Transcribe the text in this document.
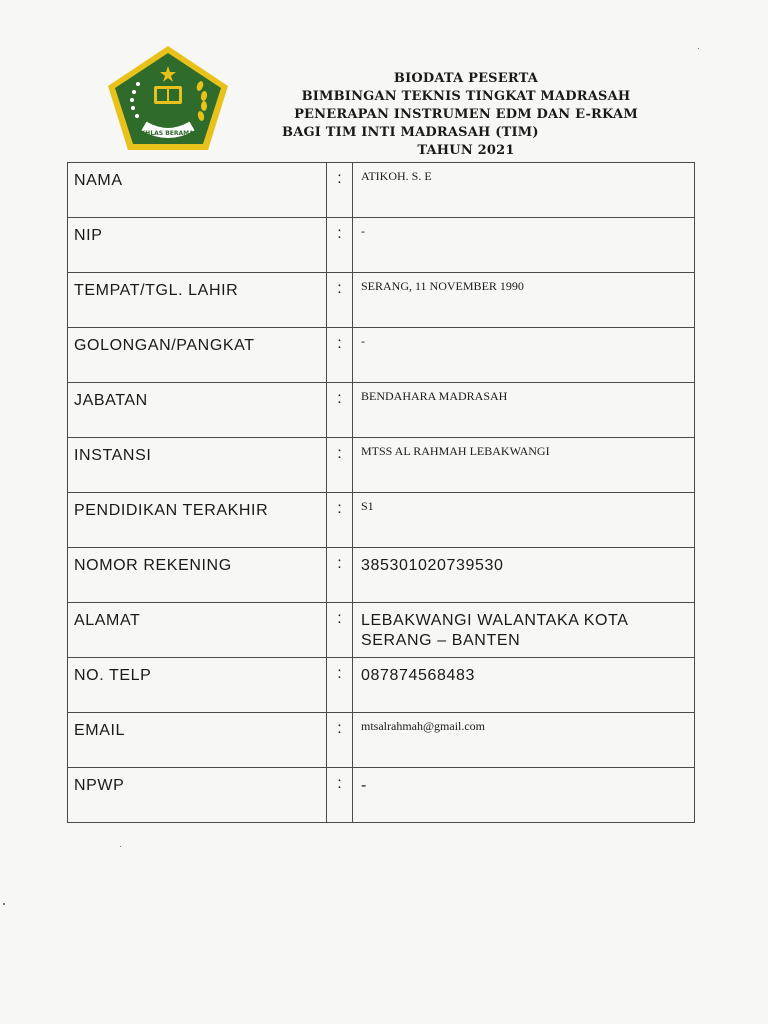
IKHLAS BERAMAL
BIODATA PESERTA
BIMBINGAN TEKNIS TINGKAT MADRASAH
PENERAPAN INSTRUMEN EDM DAN E-RKAM
BAGI TIM INTI MADRASAH (TIM)
TAHUN 2021
NAMA	:	ATIKOH. S. E
NIP	:	-
TEMPAT/TGL. LAHIR	:	SERANG, 11 NOVEMBER 1990
GOLONGAN/PANGKAT	:	-
JABATAN	:	BENDAHARA MADRASAH
INSTANSI	:	MTSS AL RAHMAH LEBAKWANGI
PENDIDIKAN TERAKHIR	:	S1
NOMOR REKENING	:	385301020739530
ALAMAT	:	LEBAKWANGI WALANTAKA KOTA SERANG – BANTEN
NO. TELP	:	087874568483
EMAIL	:	mtsalrahmah@gmail.com
NPWP	:	-
